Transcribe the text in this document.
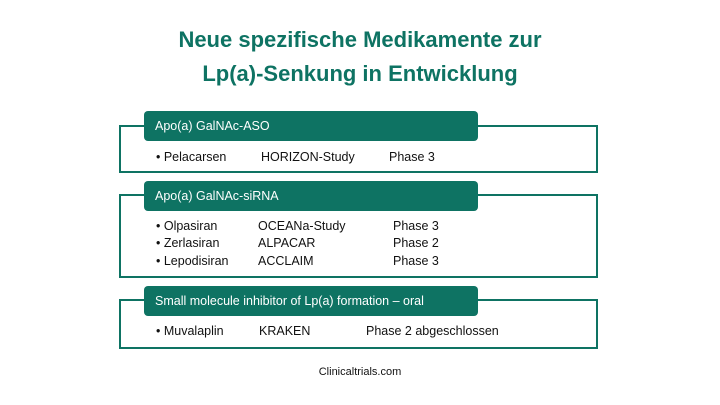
Neue spezifische Medikamente zur
Lp(a)-Senkung in Entwicklung
Apo(a) GalNAc-ASO
• Pelacarsen	HORIZON-Study	Phase 3
Apo(a) GalNAc-siRNA
• Olpasiran	OCEANa-Study	Phase 3
• Zerlasiran	ALPACAR	Phase 2
• Lepodisiran ACCLAIM	Phase 3
Small molecule inhibitor of Lp(a) formation – oral
• Muvalaplin	KRAKEN	Phase 2 abgeschlossen
Clinicaltrials.com
